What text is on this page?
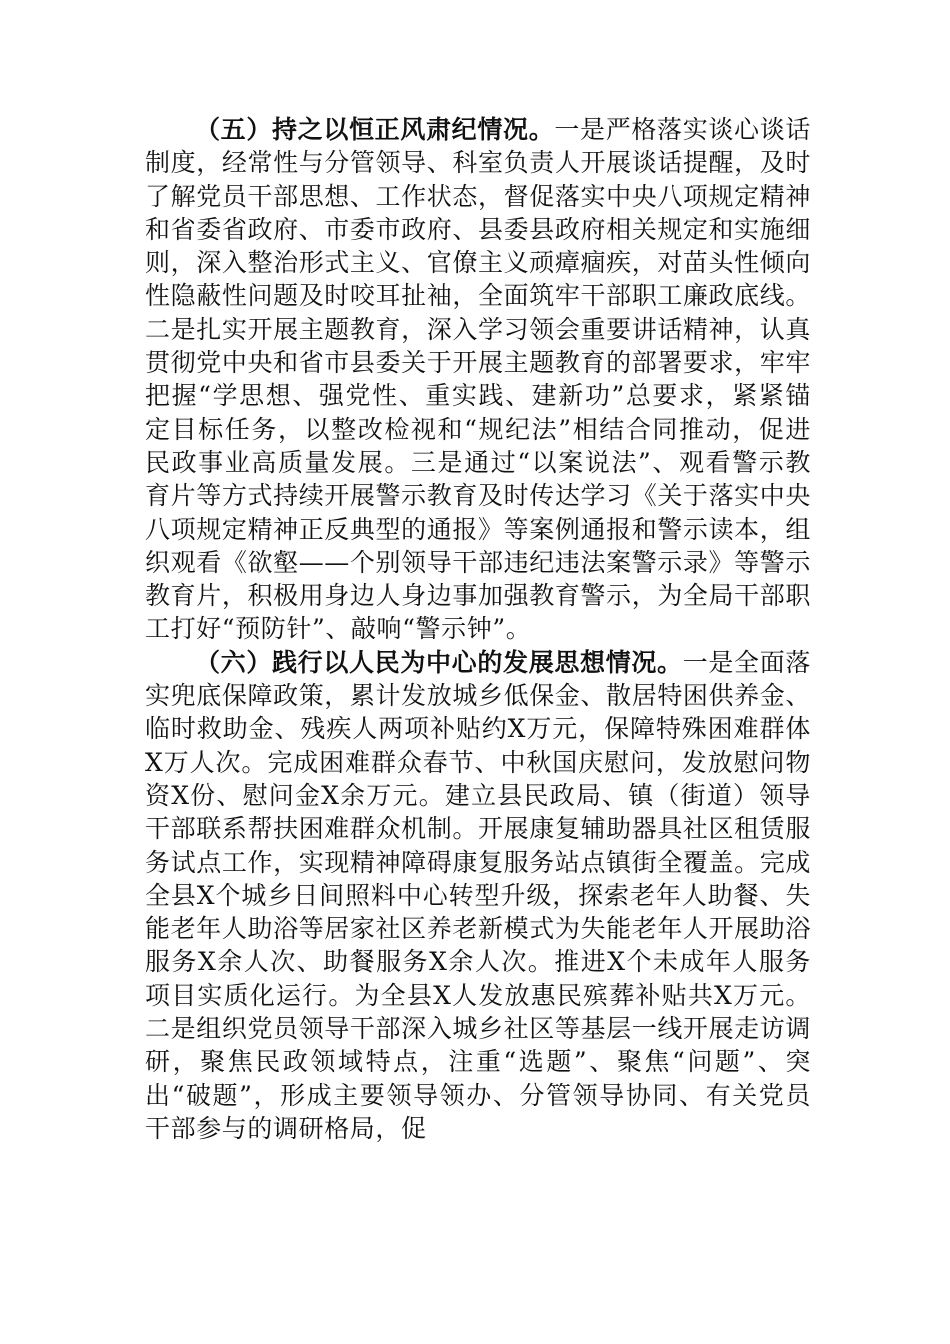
（五）持之以恒正风肃纪情况。一是严格落实谈心谈话制度，经常性与分管领导、科室负责人开展谈话提醒，及时了解党员干部思想、工作状态，督促落实中央八项规定精神和省委省政府、市委市政府、县委县政府相关规定和实施细则，深入整治形式主义、官僚主义顽瘴痼疾，对苗头性倾向性隐蔽性问题及时咬耳扯袖，全面筑牢干部职工廉政底线。二是扎实开展主题教育，深入学习领会重要讲话精神，认真贯彻党中央和省市县委关于开展主题教育的部署要求，牢牢把握“学思想、强党性、重实践、建新功”总要求，紧紧锚定目标任务，以整改检视和“规纪法”相结合同推动，促进民政事业高质量发展。三是通过“以案说法”、观看警示教育片等方式持续开展警示教育及时传达学习《关于落实中央八项规定精神正反典型的通报》等案例通报和警示读本，组织观看《欲壑——个别领导干部违纪违法案警示录》等警示教育片，积极用身边人身边事加强教育警示，为全局干部职工打好“预防针”、敲响“警示钟”。

（六）践行以人民为中心的发展思想情况。一是全面落实兜底保障政策，累计发放城乡低保金、散居特困供养金、临时救助金、残疾人两项补贴约X万元，保障特殊困难群体X万人次。完成困难群众春节、中秋国庆慰问，发放慰问物资X份、慰问金X余万元。建立县民政局、镇（街道）领导干部联系帮扶困难群众机制。开展康复辅助器具社区租赁服务试点工作，实现精神障碍康复服务站点镇街全覆盖。完成全县X个城乡日间照料中心转型升级，探索老年人助餐、失能老年人助浴等居家社区养老新模式为失能老年人开展助浴服务X余人次、助餐服务X余人次。推进X个未成年人服务项目实质化运行。为全县X人发放惠民殡葬补贴共X万元。二是组织党员领导干部深入城乡社区等基层一线开展走访调研，聚焦民政领域特点，注重“选题”、聚焦“问题”、突出“破题”，形成主要领导领办、分管领导协同、有关党员干部参与的调研格局，促
